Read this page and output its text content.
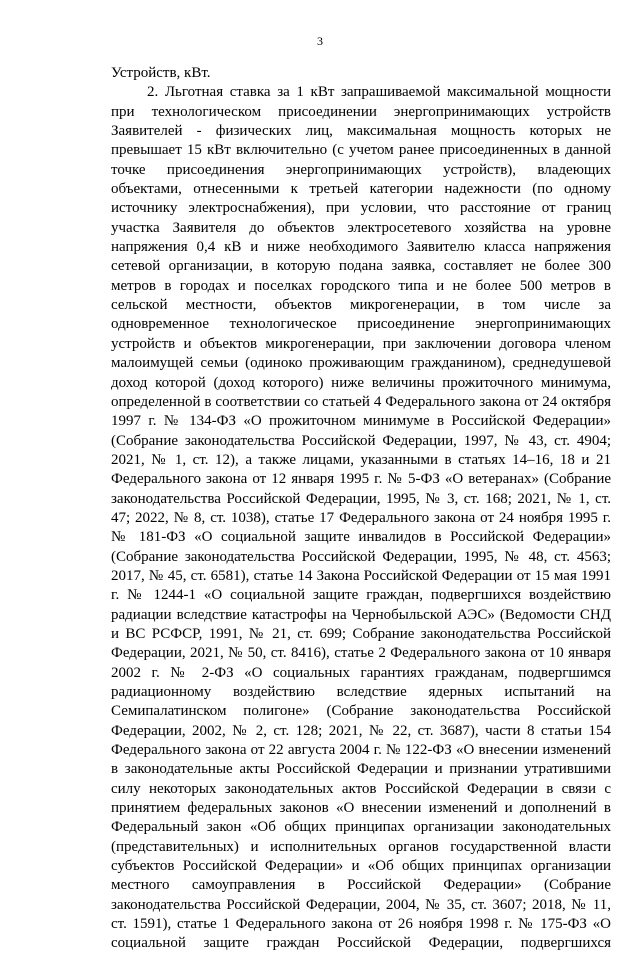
3
Устройств, кВт.
2. Льготная ставка за 1 кВт запрашиваемой максимальной мощности
при технологическом присоединении энергопринимающих устройств
Заявителей - физических лиц, максимальная мощность которых не
превышает 15 кВт включительно (с учетом ранее присоединенных в данной
точке присоединения энергопринимающих устройств), владеющих
объектами, отнесенными к третьей категории надежности (по одному
источнику электроснабжения), при условии, что расстояние от границ
участка Заявителя до объектов электросетевого хозяйства на уровне
напряжения 0,4 кВ и ниже необходимого Заявителю класса напряжения
сетевой организации, в которую подана заявка, составляет не более 300
метров в городах и поселках городского типа и не более 500 метров в
сельской местности, объектов микрогенерации, в том числе за
одновременное технологическое присоединение энергопринимающих
устройств и объектов микрогенерации, при заключении договора членом
малоимущей семьи (одиноко проживающим гражданином), среднедушевой
доход которой (доход которого) ниже величины прожиточного минимума,
определенной в соответствии со статьей 4 Федерального закона от 24 октября
1997 г. № 134-ФЗ «О прожиточном минимуме в Российской Федерации»
(Собрание законодательства Российской Федерации, 1997, № 43, ст. 4904;
2021, № 1, ст. 12), а также лицами, указанными в статьях 14–16, 18 и 21
Федерального закона от 12 января 1995 г. № 5-ФЗ «О ветеранах» (Собрание
законодательства Российской Федерации, 1995, № 3, ст. 168; 2021, № 1, ст.
47; 2022, № 8, ст. 1038), статье 17 Федерального закона от 24 ноября 1995 г.
№ 181-ФЗ «О социальной защите инвалидов в Российской Федерации»
(Собрание законодательства Российской Федерации, 1995, № 48, ст. 4563;
2017, № 45, ст. 6581), статье 14 Закона Российской Федерации от 15 мая 1991
г. № 1244-1 «О социальной защите граждан, подвергшихся воздействию
радиации вследствие катастрофы на Чернобыльской АЭС» (Ведомости СНД
и ВС РСФСР, 1991, № 21, ст. 699; Собрание законодательства Российской
Федерации, 2021, № 50, ст. 8416), статье 2 Федерального закона от 10 января
2002 г. № 2-ФЗ «О социальных гарантиях гражданам, подвергшимся
радиационному воздействию вследствие ядерных испытаний на
Семипалатинском полигоне» (Собрание законодательства Российской
Федерации, 2002, № 2, ст. 128; 2021, № 22, ст. 3687), части 8 статьи 154
Федерального закона от 22 августа 2004 г. № 122-ФЗ «О внесении изменений
в законодательные акты Российской Федерации и признании утратившими
силу некоторых законодательных актов Российской Федерации в связи с
принятием федеральных законов «О внесении изменений и дополнений в
Федеральный закон «Об общих принципах организации законодательных
(представительных) и исполнительных органов государственной власти
субъектов Российской Федерации» и «Об общих принципах организации
местного самоуправления в Российской Федерации» (Собрание
законодательства Российской Федерации, 2004, № 35, ст. 3607; 2018, № 11,
ст. 1591), статье 1 Федерального закона от 26 ноября 1998 г. № 175-ФЗ «О
социальной защите граждан Российской Федерации, подвергшихся
